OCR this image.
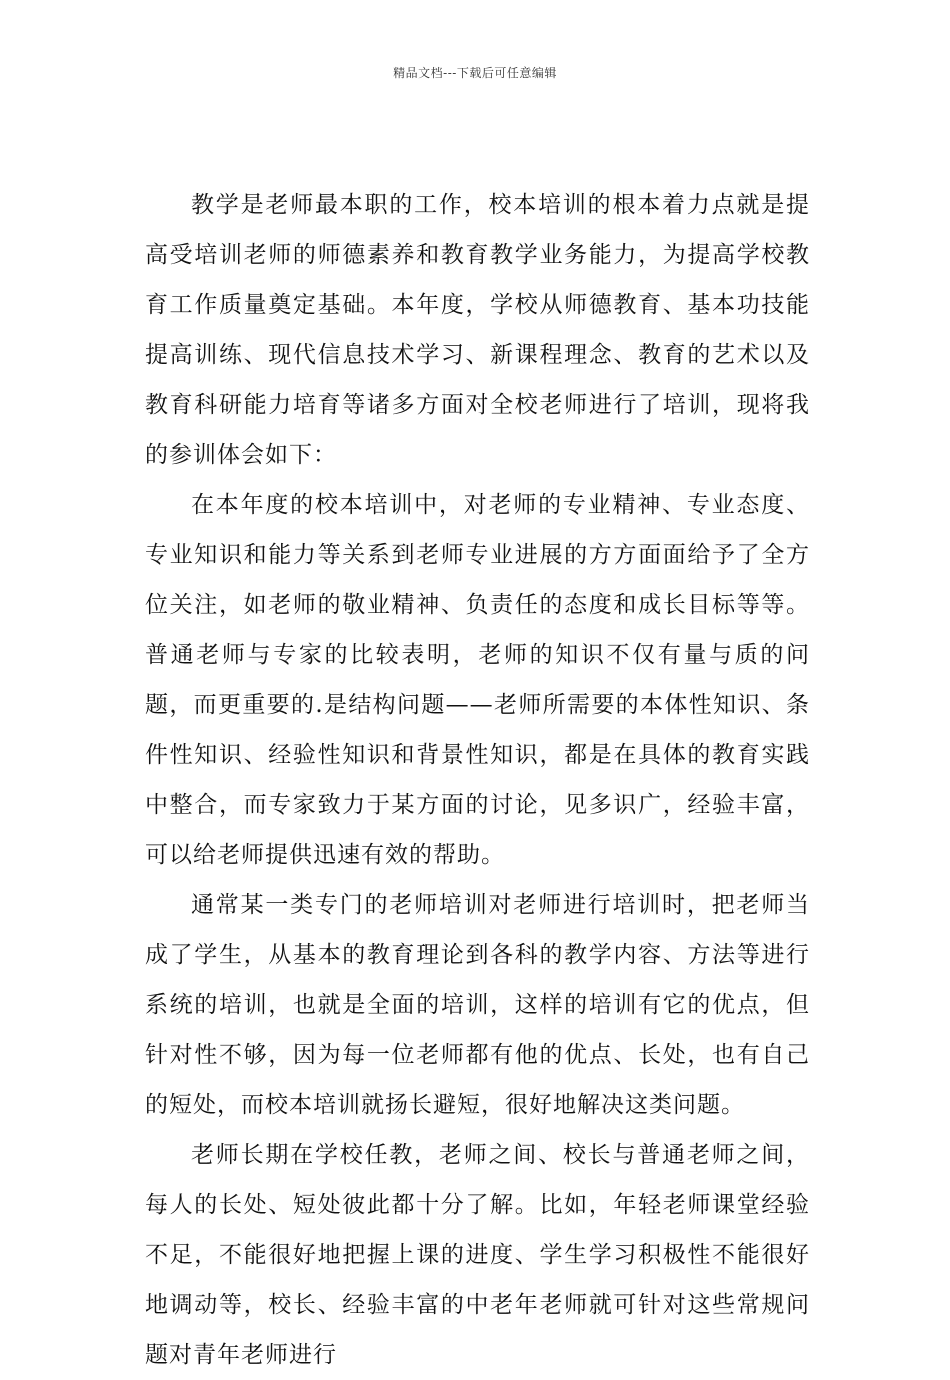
精品文档---下载后可任意编辑

教学是老师最本职的工作，校本培训的根本着力点就是提高受培训老师的师德素养和教育教学业务能力，为提高学校教育工作质量奠定基础。本年度，学校从师德教育、基本功技能提高训练、现代信息技术学习、新课程理念、教育的艺术以及教育科研能力培育等诸多方面对全校老师进行了培训，现将我的参训体会如下：

在本年度的校本培训中，对老师的专业精神、专业态度、专业知识和能力等关系到老师专业进展的方方面面给予了全方位关注，如老师的敬业精神、负责任的态度和成长目标等等。普通老师与专家的比较表明，老师的知识不仅有量与质的问题，而更重要的.是结构问题——老师所需要的本体性知识、条件性知识、经验性知识和背景性知识，都是在具体的教育实践中整合，而专家致力于某方面的讨论，见多识广，经验丰富，可以给老师提供迅速有效的帮助。

通常某一类专门的老师培训对老师进行培训时，把老师当成了学生，从基本的教育理论到各科的教学内容、方法等进行系统的培训，也就是全面的培训，这样的培训有它的优点，但针对性不够，因为每一位老师都有他的优点、长处，也有自己的短处，而校本培训就扬长避短，很好地解决这类问题。

老师长期在学校任教，老师之间、校长与普通老师之间，每人的长处、短处彼此都十分了解。比如，年轻老师课堂经验不足，不能很好地把握上课的进度、学生学习积极性不能很好地调动等，校长、经验丰富的中老年老师就可针对这些常规问题对青年老师进行
